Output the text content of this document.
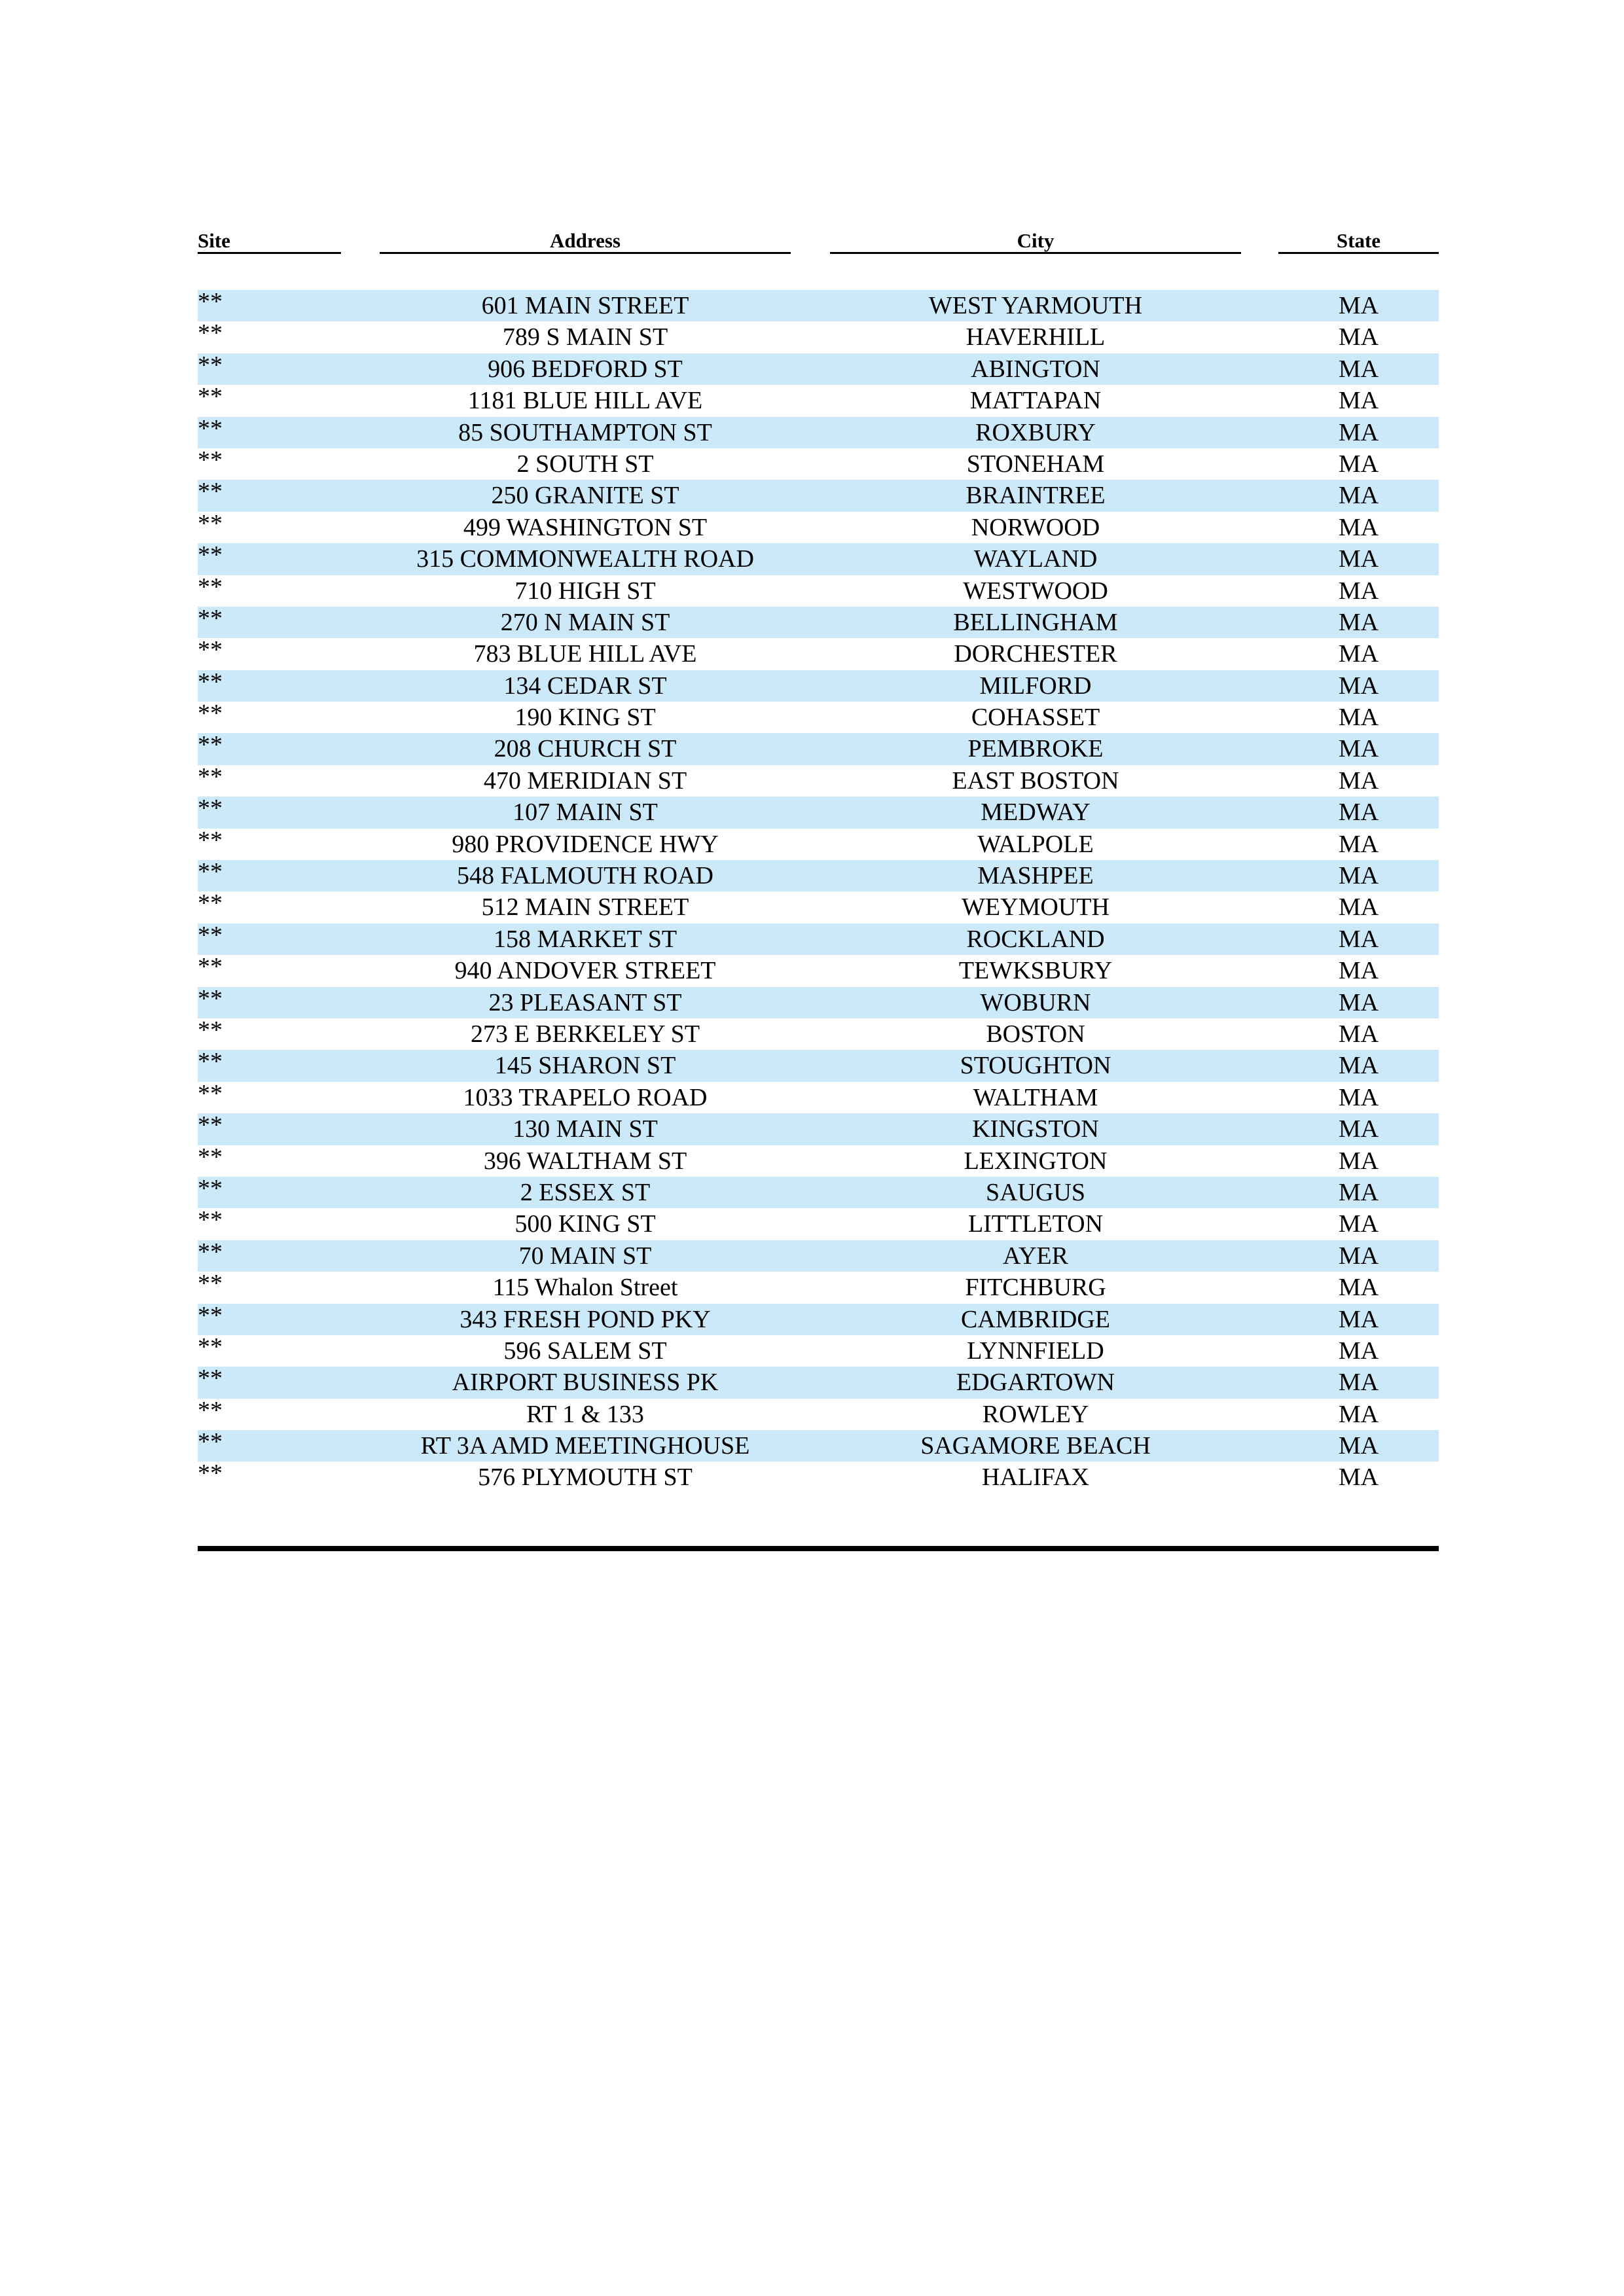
Site	Address	City	State
**	601 MAIN STREET	WEST YARMOUTH	MA
**	789 S MAIN ST	HAVERHILL	MA
**	906 BEDFORD ST	ABINGTON	MA
**	1181 BLUE HILL AVE	MATTAPAN	MA
**	85 SOUTHAMPTON ST	ROXBURY	MA
**	2 SOUTH ST	STONEHAM	MA
**	250 GRANITE ST	BRAINTREE	MA
**	499 WASHINGTON ST	NORWOOD	MA
**	315 COMMONWEALTH ROAD	WAYLAND	MA
**	710 HIGH ST	WESTWOOD	MA
**	270 N MAIN ST	BELLINGHAM	MA
**	783 BLUE HILL AVE	DORCHESTER	MA
**	134 CEDAR ST	MILFORD	MA
**	190 KING ST	COHASSET	MA
**	208 CHURCH ST	PEMBROKE	MA
**	470 MERIDIAN ST	EAST BOSTON	MA
**	107 MAIN ST	MEDWAY	MA
**	980 PROVIDENCE HWY	WALPOLE	MA
**	548 FALMOUTH ROAD	MASHPEE	MA
**	512 MAIN STREET	WEYMOUTH	MA
**	158 MARKET ST	ROCKLAND	MA
**	940 ANDOVER STREET	TEWKSBURY	MA
**	23 PLEASANT ST	WOBURN	MA
**	273 E BERKELEY ST	BOSTON	MA
**	145 SHARON ST	STOUGHTON	MA
**	1033 TRAPELO ROAD	WALTHAM	MA
**	130 MAIN ST	KINGSTON	MA
**	396 WALTHAM ST	LEXINGTON	MA
**	2 ESSEX ST	SAUGUS	MA
**	500 KING ST	LITTLETON	MA
**	70 MAIN ST	AYER	MA
**	115 Whalon Street	FITCHBURG	MA
**	343 FRESH POND PKY	CAMBRIDGE	MA
**	596 SALEM ST	LYNNFIELD	MA
**	AIRPORT BUSINESS PK	EDGARTOWN	MA
**	RT 1 & 133	ROWLEY	MA
**	RT 3A AMD MEETINGHOUSE	SAGAMORE BEACH	MA
**	576 PLYMOUTH ST	HALIFAX	MA
